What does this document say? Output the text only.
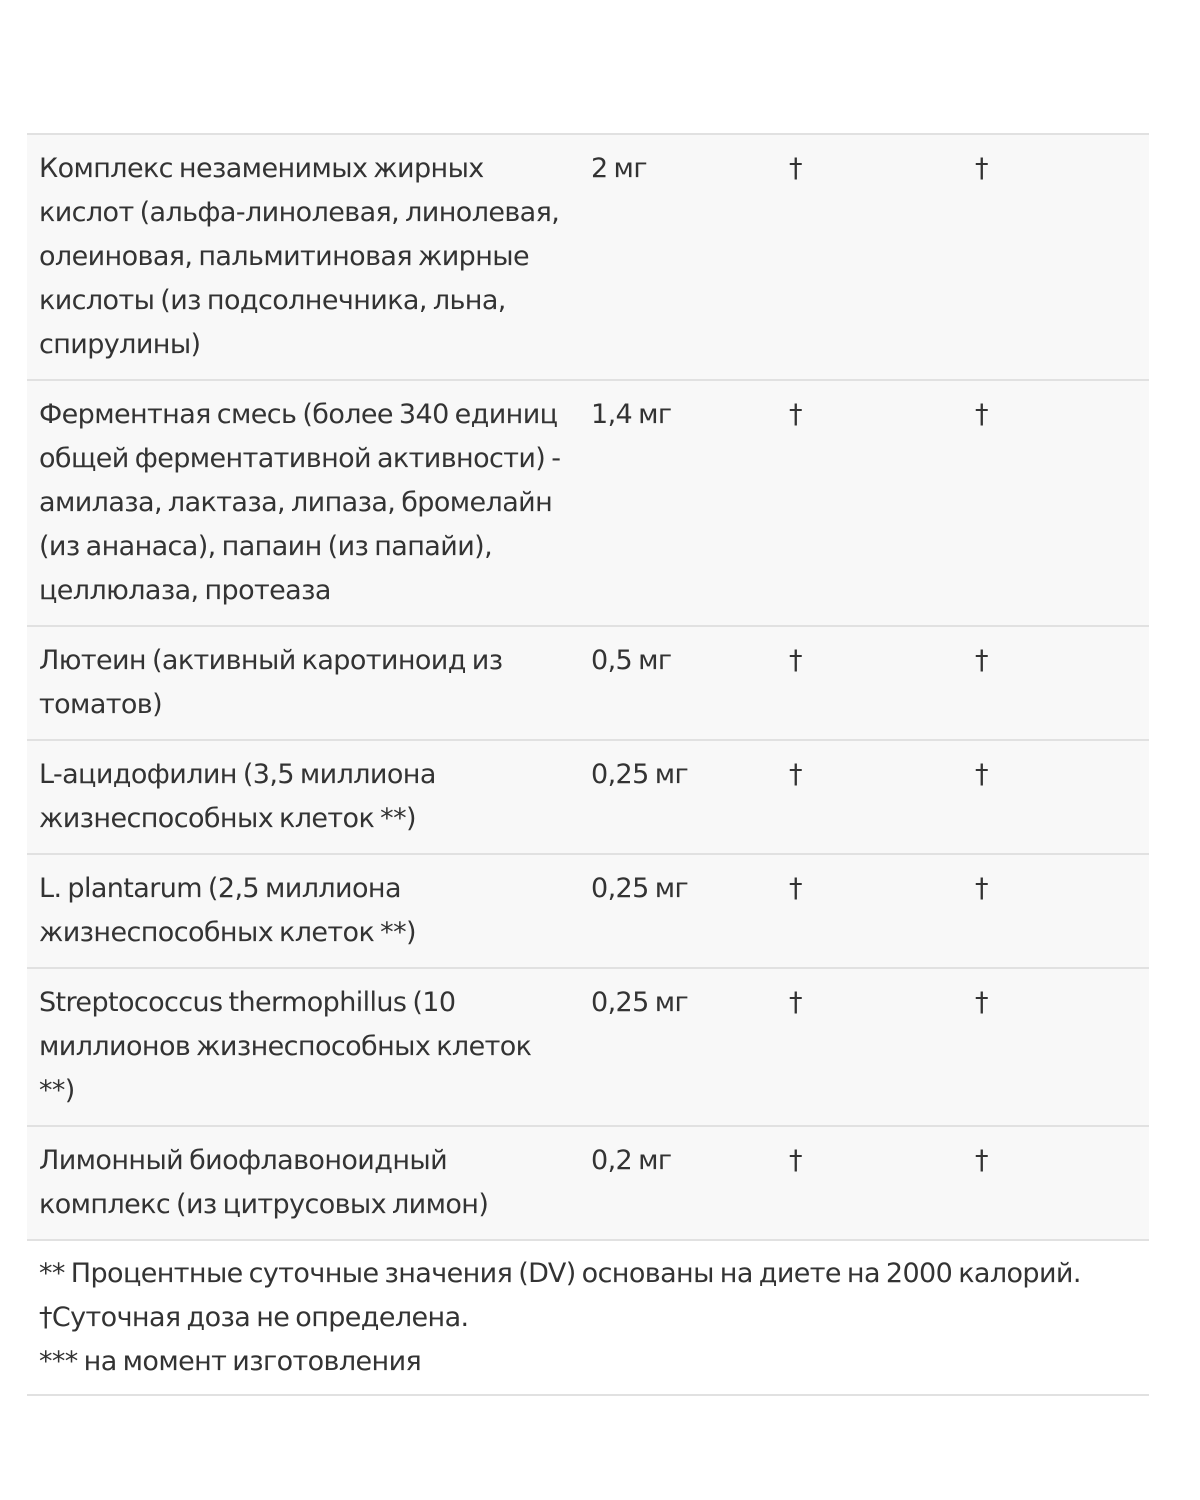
Комплекс незаменимых жирных кислот (альфа-линолевая, линолевая, олеиновая, пальмитиновая жирные кислоты (из подсолнечника, льна, спирулины)	2 мг	†	†
Ферментная смесь (более 340 единиц общей ферментативной активности) - амилаза, лактаза, липаза, бромелайн (из ананаса), папаин (из папайи), целлюлаза, протеаза	1,4 мг	†	†
Лютеин (активный каротиноид из томатов)	0,5 мг	†	†
L-ацидофилин (3,5 миллиона жизнеспособных клеток **)	0,25 мг	†	†
L. plantarum (2,5 миллиона жизнеспособных клеток **)	0,25 мг	†	†
Streptococcus thermophillus (10 миллионов жизнеспособных клеток **)	0,25 мг	†	†
Лимонный биофлавоноидный комплекс (из цитрусовых лимон)	0,2 мг	†	†

** Процентные суточные значения (DV) основаны на диете на 2000 калорий.
†Суточная доза не определена.
*** на момент изготовления			
